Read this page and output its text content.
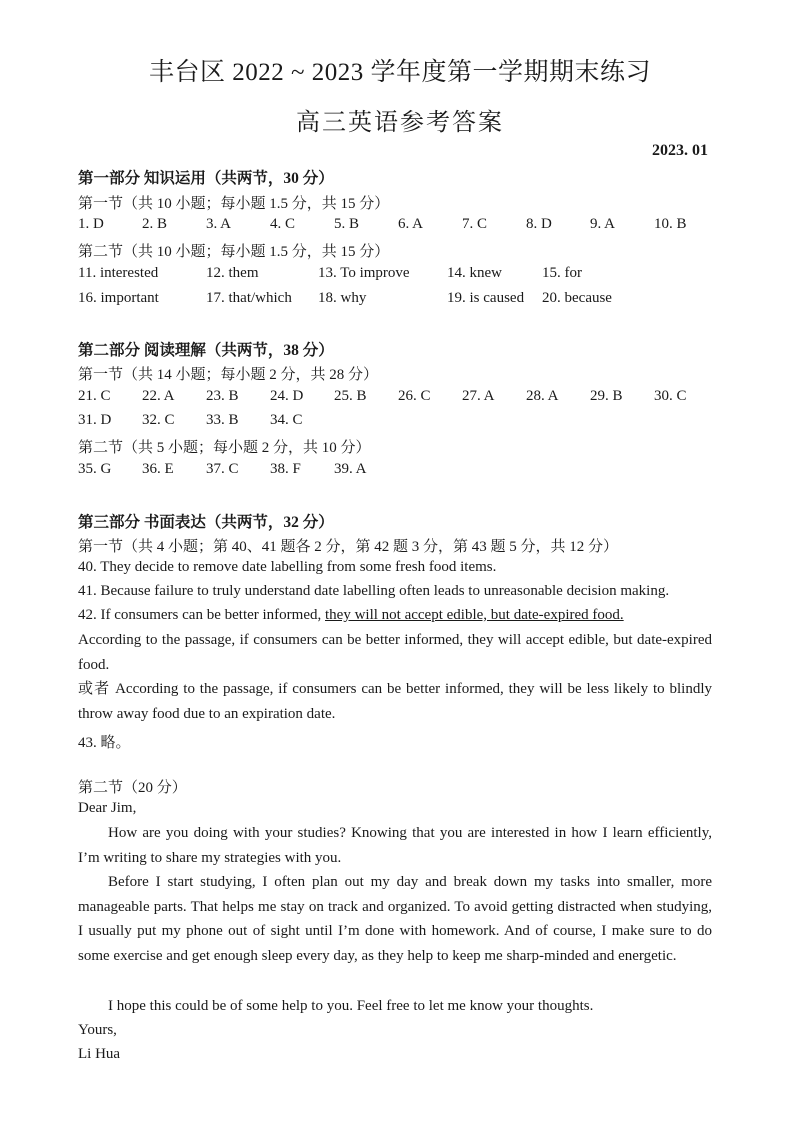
丰台区 2022 ~ 2023 学年度第一学期期末练习
高三英语参考答案
2023. 01
第一部分 知识运用（共两节，30 分）
第一节（共 10 小题；每小题 1.5 分，共 15 分）
1. D	2. B	3. A	4. C	5. B	6. A	7. C	8. D	9. A	10. B
第二节（共 10 小题；每小题 1.5 分，共 15 分）
11. interested	12. them	13. To improve 14. knew	15. for
16. important	17. that/which 18. why	19. is caused 20. because
第二部分 阅读理解（共两节，38 分）
第一节（共 14 小题；每小题 2 分，共 28 分）
21. C 22. A 23. B 24. D 25. B 26. C 27. A 28. A 29. B 30. C
31. D 32. C 33. B 34. C
第二节（共 5 小题；每小题 2 分，共 10 分）
35. G 36. E 37. C 38. F 39. A
第三部分 书面表达（共两节，32 分）
第一节（共 4 小题；第 40、41 题各 2 分，第 42 题 3 分，第 43 题 5 分，共 12 分）
40. They decide to remove date labelling from some fresh food items.
41. Because failure to truly understand date labelling often leads to unreasonable decision making.
42. If consumers can be better informed, they will not accept edible, but date-expired food.
According to the passage, if consumers can be better informed, they will accept edible, but date-expired food.
或者 According to the passage, if consumers can be better informed, they will be less likely to blindly throw away food due to an expiration date.
43. 略。
第二节（20 分）
Dear Jim,
How are you doing with your studies? Knowing that you are interested in how I learn efficiently, I’m writing to share my strategies with you.
Before I start studying, I often plan out my day and break down my tasks into smaller, more manageable parts. That helps me stay on track and organized. To avoid getting distracted when studying, I usually put my phone out of sight until I’m done with homework. And of course, I make sure to do some exercise and get enough sleep every day, as they help to keep me sharp-minded and energetic.
I hope this could be of some help to you. Feel free to let me know your thoughts.
Yours,
Li Hua
